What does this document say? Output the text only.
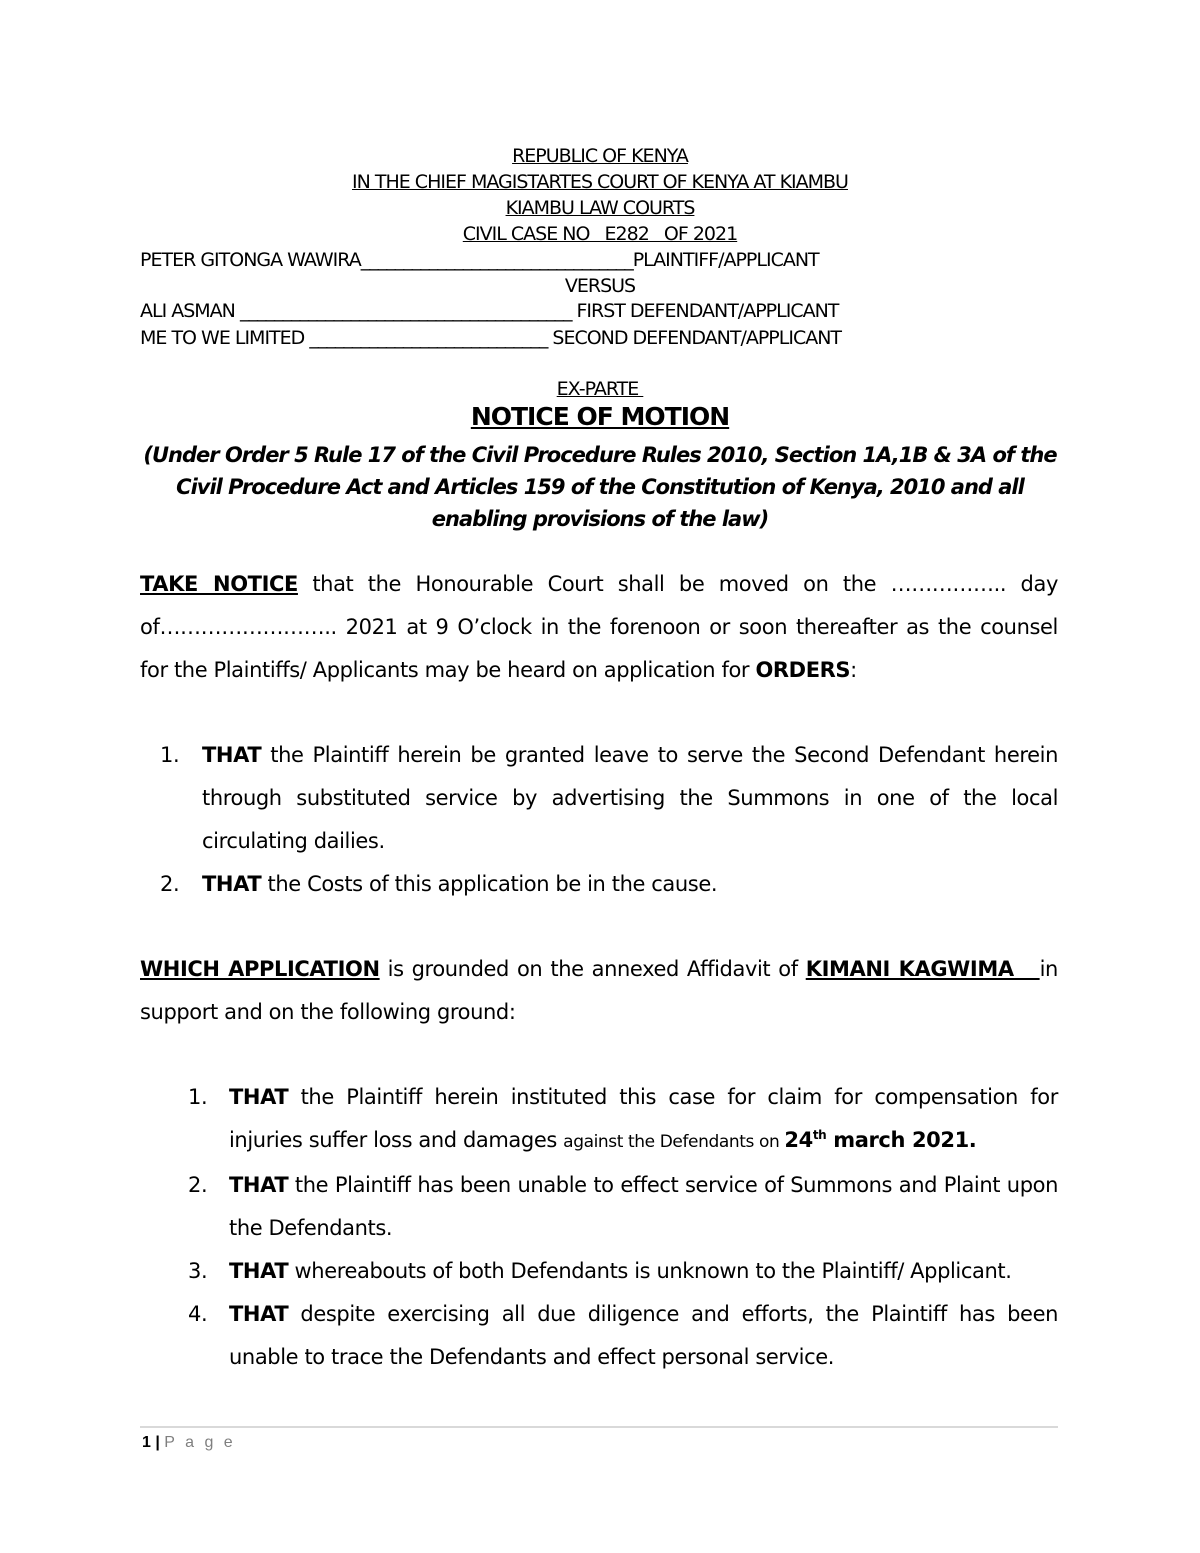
REPUBLIC OF KENYA
IN THE CHIEF MAGISTARTES COURT OF KENYA AT KIAMBU
KIAMBU LAW COURTS
CIVIL CASE NO   E282   OF 2021
PETER GITONGA WAWIRA________________________________PLAINTIFF/APPLICANT
VERSUS
ALI ASMAN _______________________________________ FIRST DEFENDANT/APPLICANT
ME TO WE LIMITED ____________________________ SECOND DEFENDANT/APPLICANT
EX-PARTE
NOTICE OF MOTION
(Under Order 5 Rule 17 of the Civil Procedure Rules 2010, Section 1A,1B & 3A of the Civil Procedure Act and Articles 159 of the Constitution of Kenya, 2010 and all enabling provisions of the law)
TAKE NOTICE that the Honourable Court shall be moved on the …………….. day of…………………….. 2021 at 9 O’clock in the forenoon or soon thereafter as the counsel for the Plaintiffs/ Applicants may be heard on application for ORDERS:
1. THAT the Plaintiff herein be granted leave to serve the Second Defendant herein through substituted service by advertising the Summons in one of the local circulating dailies.
2. THAT the Costs of this application be in the cause.
WHICH APPLICATION is grounded on the annexed Affidavit of KIMANI KAGWIMA   in support and on the following ground:
1. THAT the Plaintiff herein instituted this case for claim for compensation for injuries suffer loss and damages against the Defendants on 24th march 2021.
2. THAT the Plaintiff has been unable to effect service of Summons and Plaint upon the Defendants.
3. THAT whereabouts of both Defendants is unknown to the Plaintiff/ Applicant.
4. THAT despite exercising all due diligence and efforts, the Plaintiff has been unable to trace the Defendants and effect personal service.
1 | P a g e
